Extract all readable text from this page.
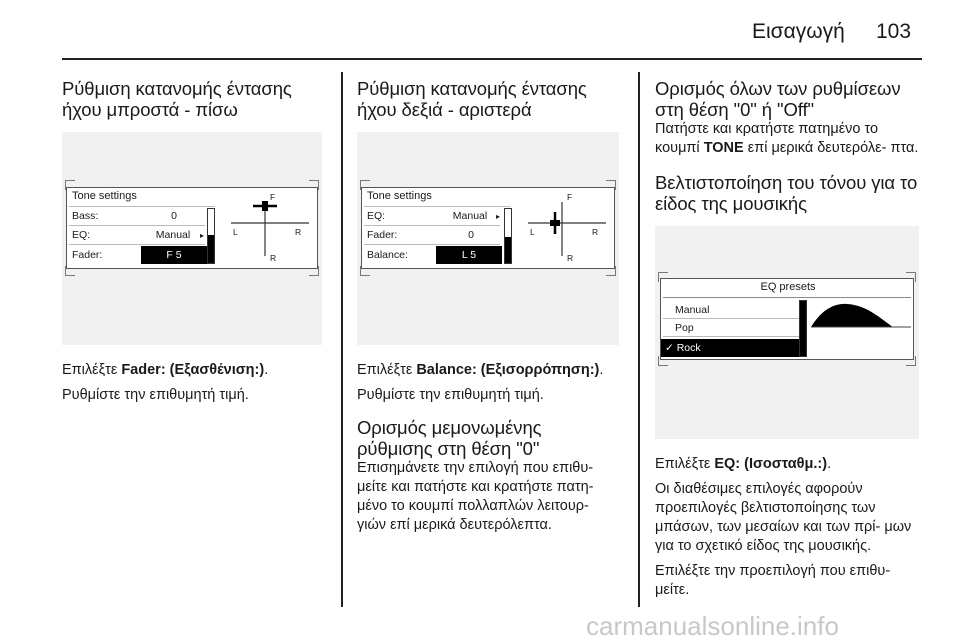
Εισαγωγή 103
Ρύθμιση κατανομής έντασης ήχου μπροστά - πίσω
Tone settings
Bass:	0
EQ:	Manual	▸
Fader:	F 5
F
R
L	R

Επιλέξτε Fader: (Εξασθένιση:).

Ρυθμίστε την επιθυμητή τιμή.

Ρύθμιση κατανομής έντασης ήχου δεξιά - αριστερά
Tone settings
EQ:	Manual	▸
Fader:	0
Balance:	L 5
F
R
L	R

Επιλέξτε Balance: (Εξισορρόπηση:).

Ρυθμίστε την επιθυμητή τιμή.

Ορισμός μεμονωμένης ρύθμισης στη θέση "0"

Επισημάνετε την επιλογή που επιθυ- μείτε και πατήστε και κρατήστε πατη- μένο το κουμπί πολλαπλών λειτουρ- γιών επί μερικά δευτερόλεπτα.

Ορισμός όλων των ρυθμίσεων στη θέση "0" ή "Off"

Πατήστε και κρατήστε πατημένο το κουμπί TONE επί μερικά δευτερόλε- πτα.

Βελτιστοποίηση του τόνου για το είδος της μουσικής
EQ presets
Manual
Pop
✓ Rock

Επιλέξτε EQ: (Ισοσταθμ.:).

Οι διαθέσιμες επιλογές αφορούν προεπιλογές βελτιστοποίησης των μπάσων, των μεσαίων και των πρί- μων για το σχετικό είδος της μουσικής.

Επιλέξτε την προεπιλογή που επιθυ- μείτε.

carmanualsonline.info
